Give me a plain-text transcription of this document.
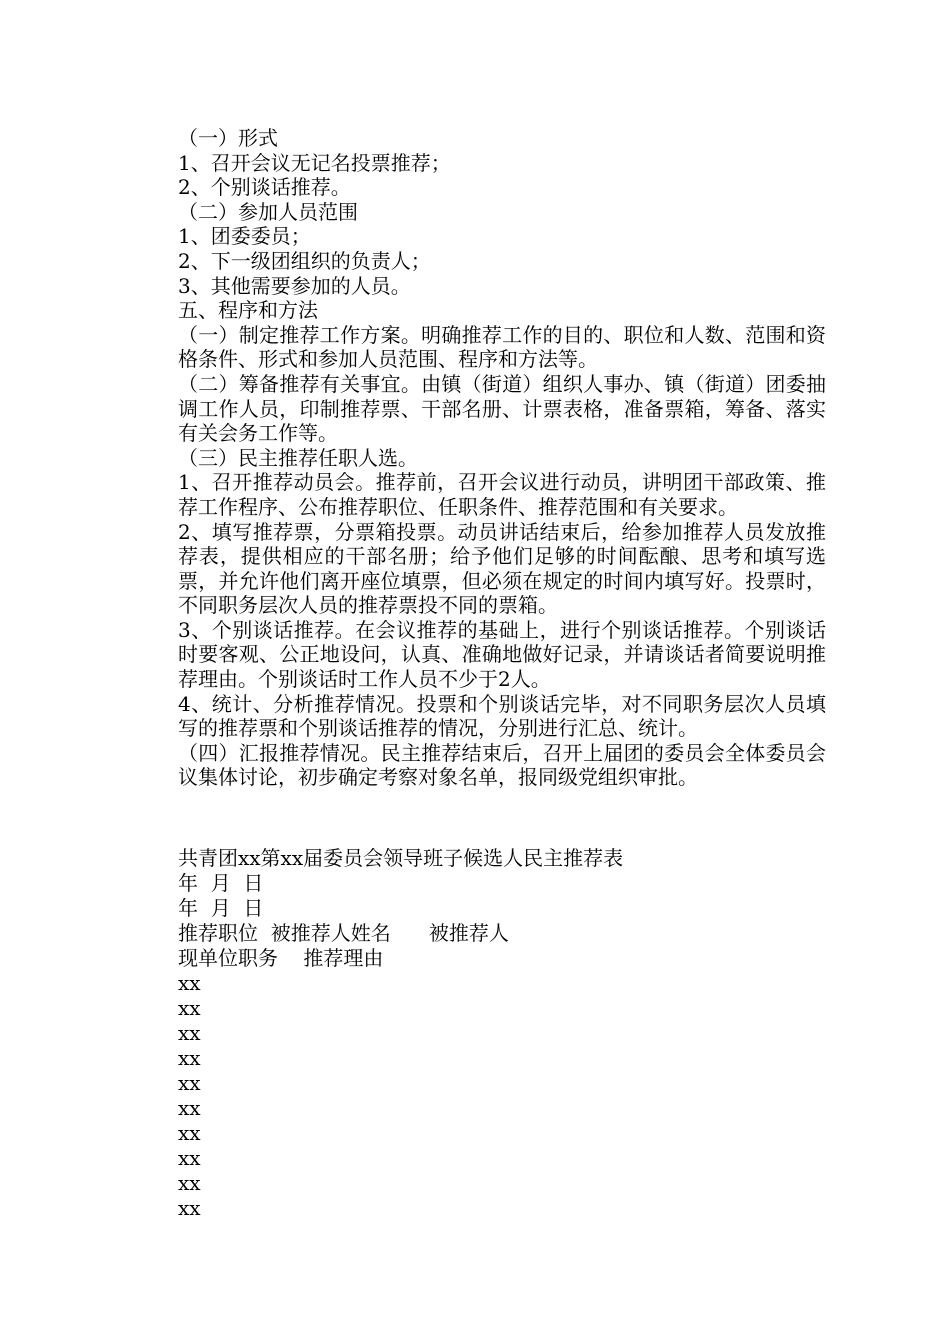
（一）形式

1、召开会议无记名投票推荐；

2、个别谈话推荐。

（二）参加人员范围

1、团委委员；

2、下一级团组织的负责人；

3、其他需要参加的人员。

五、程序和方法

（一）制定推荐工作方案。明确推荐工作的目的、职位和人数、范围和资格条件、形式和参加人员范围、程序和方法等。

（二）筹备推荐有关事宜。由镇（街道）组织人事办、镇（街道）团委抽调工作人员，印制推荐票、干部名册、计票表格，准备票箱，筹备、落实有关会务工作等。

（三）民主推荐任职人选。

1、召开推荐动员会。推荐前，召开会议进行动员，讲明团干部政策、推荐工作程序、公布推荐职位、任职条件、推荐范围和有关要求。

2、填写推荐票，分票箱投票。动员讲话结束后，给参加推荐人员发放推荐表，提供相应的干部名册；给予他们足够的时间酝酿、思考和填写选票，并允许他们离开座位填票，但必须在规定的时间内填写好。投票时，不同职务层次人员的推荐票投不同的票箱。

3、个别谈话推荐。在会议推荐的基础上，进行个别谈话推荐。个别谈话时要客观、公正地设问，认真、准确地做好记录，并请谈话者简要说明推荐理由。个别谈话时工作人员不少于2人。

4、统计、分析推荐情况。投票和个别谈话完毕，对不同职务层次人员填写的推荐票和个别谈话推荐的情况，分别进行汇总、统计。

（四）汇报推荐情况。民主推荐结束后，召开上届团的委员会全体委员会议集体讨论，初步确定考察对象名单，报同级党组织审批。

共青团xx第xx届委员会领导班子候选人民主推荐表

年  月  日

年  月  日

推荐职位  被推荐人姓名      被推荐人

现单位职务    推荐理由

xx

xx

xx

xx

xx

xx

xx

xx

xx

xx
